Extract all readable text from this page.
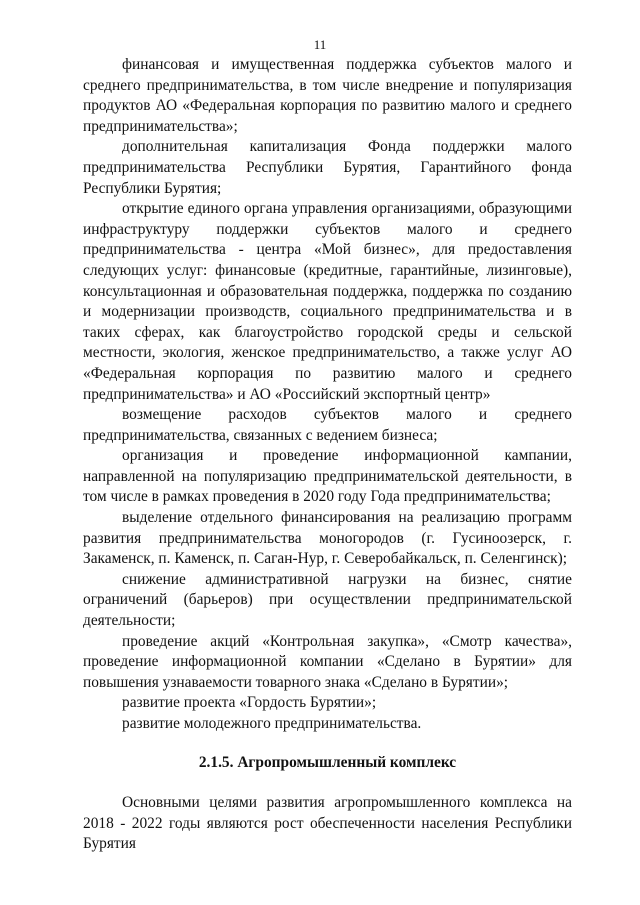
11

финансовая и имущественная поддержка субъектов малого и среднего предпринимательства, в том числе внедрение и популяризация продуктов АО «Федеральная корпорация по развитию малого и среднего предпринимательства»;

дополнительная капитализация Фонда поддержки малого предпринимательства Республики Бурятия, Гарантийного фонда Республики Бурятия;

открытие единого органа управления организациями, образующими инфраструктуру поддержки субъектов малого и среднего предпринимательства - центра «Мой бизнес», для предоставления следующих услуг: финансовые (кредитные, гарантийные, лизинговые), консультационная и образовательная поддержка, поддержка по созданию и модернизации производств, социального предпринимательства и в таких сферах, как благоустройство городской среды и сельской местности, экология, женское предпринимательство, а также услуг АО «Федеральная корпорация по развитию малого и среднего предпринимательства» и АО «Российский экспортный центр»

возмещение расходов субъектов малого и среднего предпринимательства, связанных с ведением бизнеса;

организация и проведение информационной кампании, направленной на популяризацию предпринимательской деятельности, в том числе в рамках проведения в 2020 году Года предпринимательства;

выделение отдельного финансирования на реализацию программ развития предпринимательства моногородов (г. Гусиноозерск, г. Закаменск, п. Каменск, п. Саган-Нур, г. Северобайкальск, п. Селенгинск);

снижение административной нагрузки на бизнес, снятие ограничений (барьеров) при осуществлении предпринимательской деятельности;

проведение акций «Контрольная закупка», «Смотр качества», проведение информационной компании «Сделано в Бурятии» для повышения узнаваемости товарного знака «Сделано в Бурятии»;

развитие проекта «Гордость Бурятии»;

развитие молодежного предпринимательства.

2.1.5. Агропромышленный комплекс

Основными целями развития агропромышленного комплекса на 2018 - 2022 годы являются рост обеспеченности населения Республики Бурятия
